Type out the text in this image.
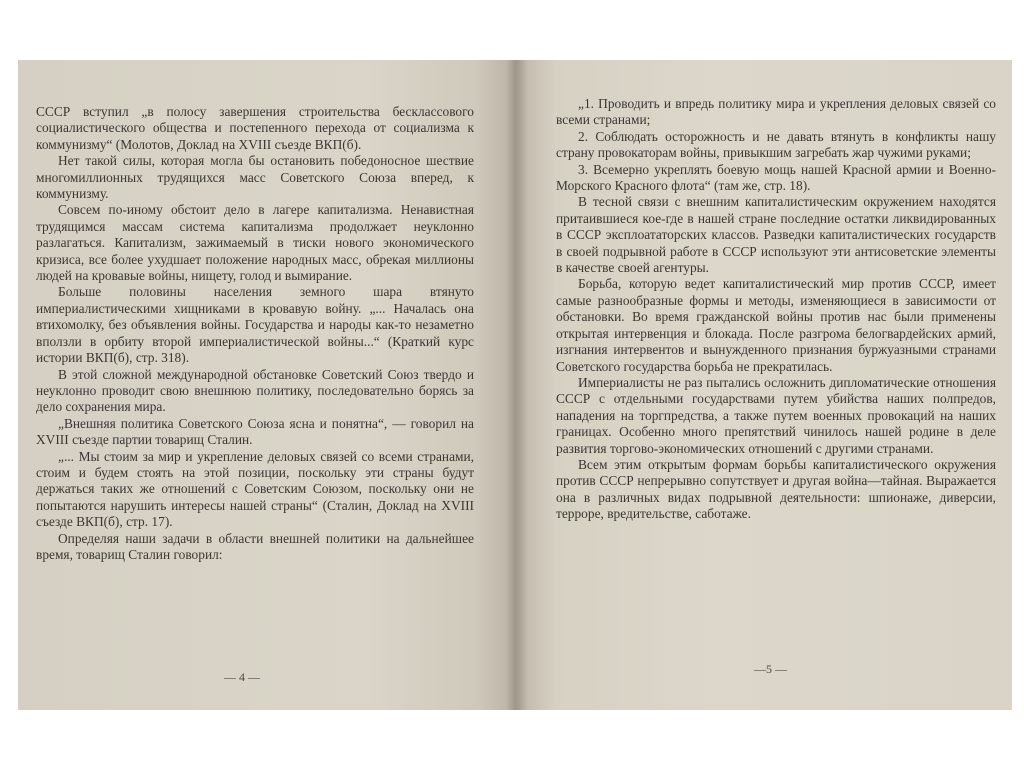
СССР вступил „в полосу завершения строительства бесклассового социалистического общества и постепенного перехода от социализма к коммунизму“ (Молотов, Доклад на XVIII съезде ВКП(б).

Нет такой силы, которая могла бы остановить победоносное шествие многомиллионных трудящихся масс Советского Союза вперед, к коммунизму.

Совсем по-иному обстоит дело в лагере капитализма. Ненавистная трудящимся массам система капитализма продолжает неуклонно разлагаться. Капитализм, зажимаемый в тиски нового экономического кризиса, все более ухудшает положение народных масс, обрекая миллионы людей на кровавые войны, нищету, голод и вымирание.

Больше половины населения земного шара втянуто империалистическими хищниками в кровавую войну. „... Началась она втихомолку, без объявления войны. Государства и народы как-то незаметно вползли в орбиту второй империалистической войны...“ (Краткий курс истории ВКП(б), стр. 318).

В этой сложной международной обстановке Советский Союз твердо и неуклонно проводит свою внешнюю политику, последовательно борясь за дело сохранения мира.

„Внешняя политика Советского Союза ясна и понятна“, — говорил на XVIII съезде партии товарищ Сталин.

„... Мы стоим за мир и укрепление деловых связей со всеми странами, стоим и будем стоять на этой позиции, поскольку эти страны будут держаться таких же отношений с Советским Союзом, поскольку они не попытаются нарушить интересы нашей страны“ (Сталин, Доклад на XVIII съезде ВКП(б), стр. 17).

Определяя наши задачи в области внешней политики на дальнейшее время, товарищ Сталин говорил:

— 4 —

„1. Проводить и впредь политику мира и укрепления деловых связей со всеми странами;

2. Соблюдать осторожность и не давать втянуть в конфликты нашу страну провокаторам войны, привыкшим загребать жар чужими руками;

3. Всемерно укреплять боевую мощь нашей Красной армии и Военно-Морского Красного флота“ (там же, стр. 18).

В тесной связи с внешним капиталистическим окружением находятся притаившиеся кое-где в нашей стране последние остатки ликвидированных в СССР эксплоататорских классов. Разведки капиталистических государств в своей подрывной работе в СССР используют эти антисоветские элементы в качестве своей агентуры.

Борьба, которую ведет капиталистический мир против СССР, имеет самые разнообразные формы и методы, изменяющиеся в зависимости от обстановки. Во время гражданской войны против нас были применены открытая интервенция и блокада. После разгрома белогвардейских армий, изгнания интервентов и вынужденного признания буржуазными странами Советского государства борьба не прекратилась.

Империалисты не раз пытались осложнить дипломатические отношения СССР с отдельными государствами путем убийства наших полпредов, нападения на торгпредства, а также путем военных провокаций на наших границах. Особенно много препятствий чинилось нашей родине в деле развития торгово-экономических отношений с другими странами.

Всем этим открытым формам борьбы капиталистического окружения против СССР непрерывно сопутствует и другая война—тайная. Выражается она в различных видах подрывной деятельности: шпионаже, диверсии, терроре, вредительстве, саботаже.

—5 —
